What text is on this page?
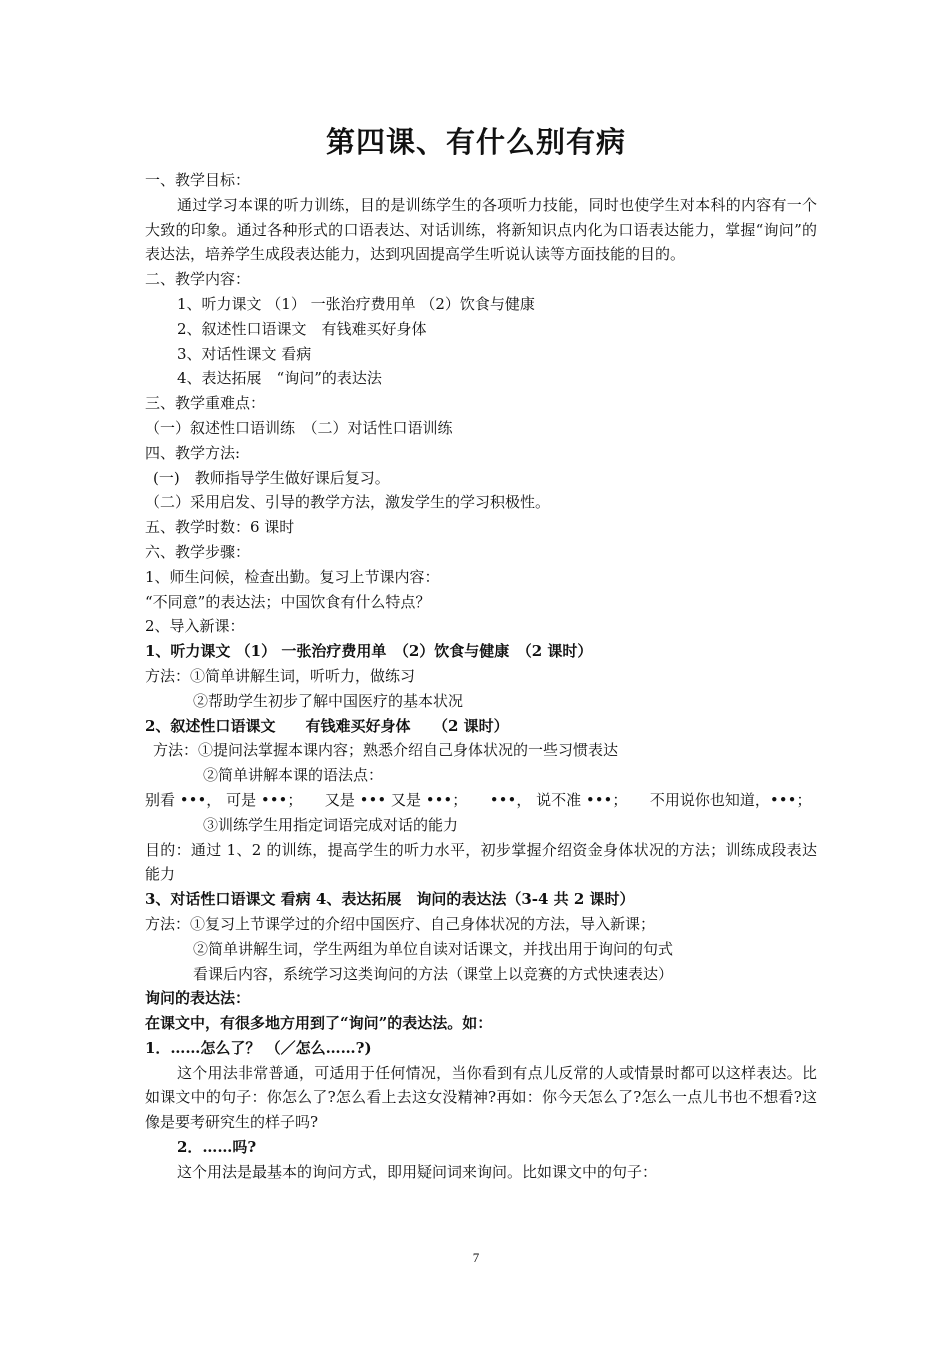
第四课、有什么别有病

一、教学目标：

通过学习本课的听力训练，目的是训练学生的各项听力技能，同时也使学生对本科的内容有一个大致的印象。通过各种形式的口语表达、对话训练，将新知识点内化为口语表达能力，掌握“询问”的表达法，培养学生成段表达能力，达到巩固提高学生听说认读等方面技能的目的。

二、教学内容：

1、听力课文 （1） 一张治疗费用单 （2）饮食与健康

2、叙述性口语课文　有钱难买好身体

3、对话性课文 看病

4、表达拓展　“询问”的表达法

三、教学重难点：

（一）叙述性口语训练　（二）对话性口语训练

四、教学方法:

(一)　教师指导学生做好课后复习。

（二）采用启发、引导的教学方法，激发学生的学习积极性。

五、教学时数：6 课时

六、教学步骤：

1、师生问候，检查出勤。复习上节课内容：

“不同意”的表达法；中国饮食有什么特点？

2、导入新课：

1、听力课文 （1） 一张治疗费用单　（2）饮食与健康　（2 课时）

方法：①简单讲解生词，听听力，做练习

②帮助学生初步了解中国医疗的基本状况

2、叙述性口语课文　　有钱难买好身体　　（2 课时）

方法：①提问法掌握本课内容；熟悉介绍自己身体状况的一些习惯表达

②简单讲解本课的语法点：

别看 •••， 可是 •••；　　又是 ••• 又是 •••；　　•••， 说不准 •••；　　不用说你也知道，•••；

③训练学生用指定词语完成对话的能力

目的：通过 1、2 的训练，提高学生的听力水平，初步掌握介绍资金身体状况的方法；训练成段表达能力

3、对话性口语课文 看病 4、表达拓展　询问的表达法（3-4 共 2 课时）

方法：①复习上节课学过的介绍中国医疗、自己身体状况的方法，导入新课；

②简单讲解生词，学生两组为单位自读对话课文，并找出用于询问的句式

看课后内容，系统学习这类询问的方法（课堂上以竞赛的方式快速表达）

询问的表达法：

在课文中，有很多地方用到了“询问”的表达法。如：

1．……怎么了？ （／怎么……?)

这个用法非常普通，可适用于任何情况，当你看到有点儿反常的人或情景时都可以这样表达。比如课文中的句子：你怎么了?怎么看上去这女没精神?再如：你今天怎么了?怎么一点儿书也不想看?这像是要考研究生的样子吗?

2．……吗?

这个用法是最基本的询问方式，即用疑问词来询问。比如课文中的句子：

7
